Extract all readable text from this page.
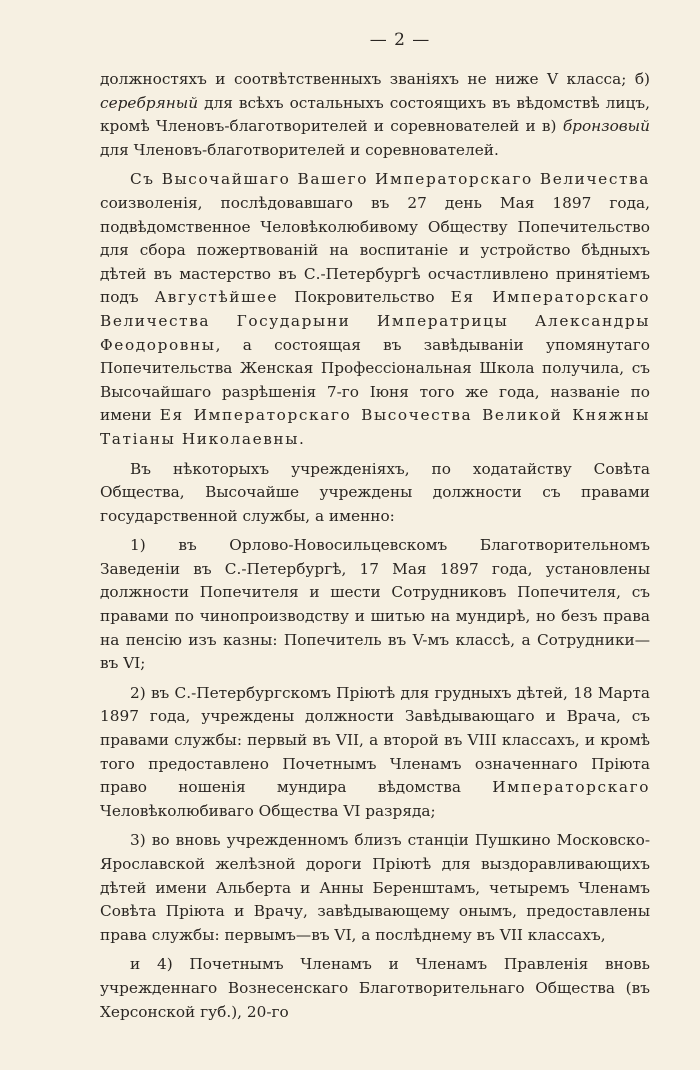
— 2 —

должностяхъ и соотвѣтственныхъ званіяхъ не ниже V класса; б) серебряный для всѣхъ остальныхъ состоящихъ въ вѣдомствѣ лицъ, кромѣ Членовъ-благотворителей и соревнователей и в) бронзовый для Членовъ-благотворителей и соревнователей.

Съ Высочайшаго Вашего Императорскаго Величества соизволенія, послѣдовавшаго въ 27 день Мая 1897 года, подвѣдомственное Человѣколюбивому Обществу Попечительство для сбора пожертвованій на воспитаніе и устройство бѣдныхъ дѣтей въ мастерство въ С.-Петербургѣ осчастливлено принятіемъ подъ Августѣйшее Покровительство Ея Императорскаго Величества Государыни Императрицы Александры Феодоровны, а состоящая въ завѣдываніи упомянутаго Попечительства Женская Профессіональная Школа получила, съ Высочайшаго разрѣшенія 7-го Іюня того же года, названіе по имени Ея Императорскаго Высочества Великой Княжны Татіаны Николаевны.

Въ нѣкоторыхъ учрежденіяхъ, по ходатайству Совѣта Общества, Высочайше учреждены должности съ правами государственной службы, а именно:

1) въ Орлово-Новосильцевскомъ Благотворительномъ Заведеніи въ С.-Петербургѣ, 17 Мая 1897 года, установлены должности Попечителя и шести Сотрудниковъ Попечителя, съ правами по чинопроизводству и шитью на мундирѣ, но безъ права на пенсію изъ казны: Попечитель въ V-мъ классѣ, а Сотрудники—въ VI;

2) въ С.-Петербургскомъ Пріютѣ для грудныхъ дѣтей, 18 Марта 1897 года, учреждены должности Завѣдывающаго и Врача, съ правами службы: первый въ VII, а второй въ VIII классахъ, и кромѣ того предоставлено Почетнымъ Членамъ означеннаго Пріюта право ношенія мундира вѣдомства Императорскаго Человѣколюбиваго Общества VI разряда;

3) во вновь учрежденномъ близъ станціи Пушкино Московско-Ярославской желѣзной дороги Пріютѣ для выздоравливающихъ дѣтей имени Альберта и Анны Беренштамъ, четыремъ Членамъ Совѣта Пріюта и Врачу, завѣдывающему онымъ, предоставлены права службы: первымъ—въ VI, а послѣднему въ VII классахъ,

и 4) Почетнымъ Членамъ и Членамъ Правленія вновь учрежденнаго Вознесенскаго Благотворительнаго Общества (въ Херсонской губ.), 20-го
